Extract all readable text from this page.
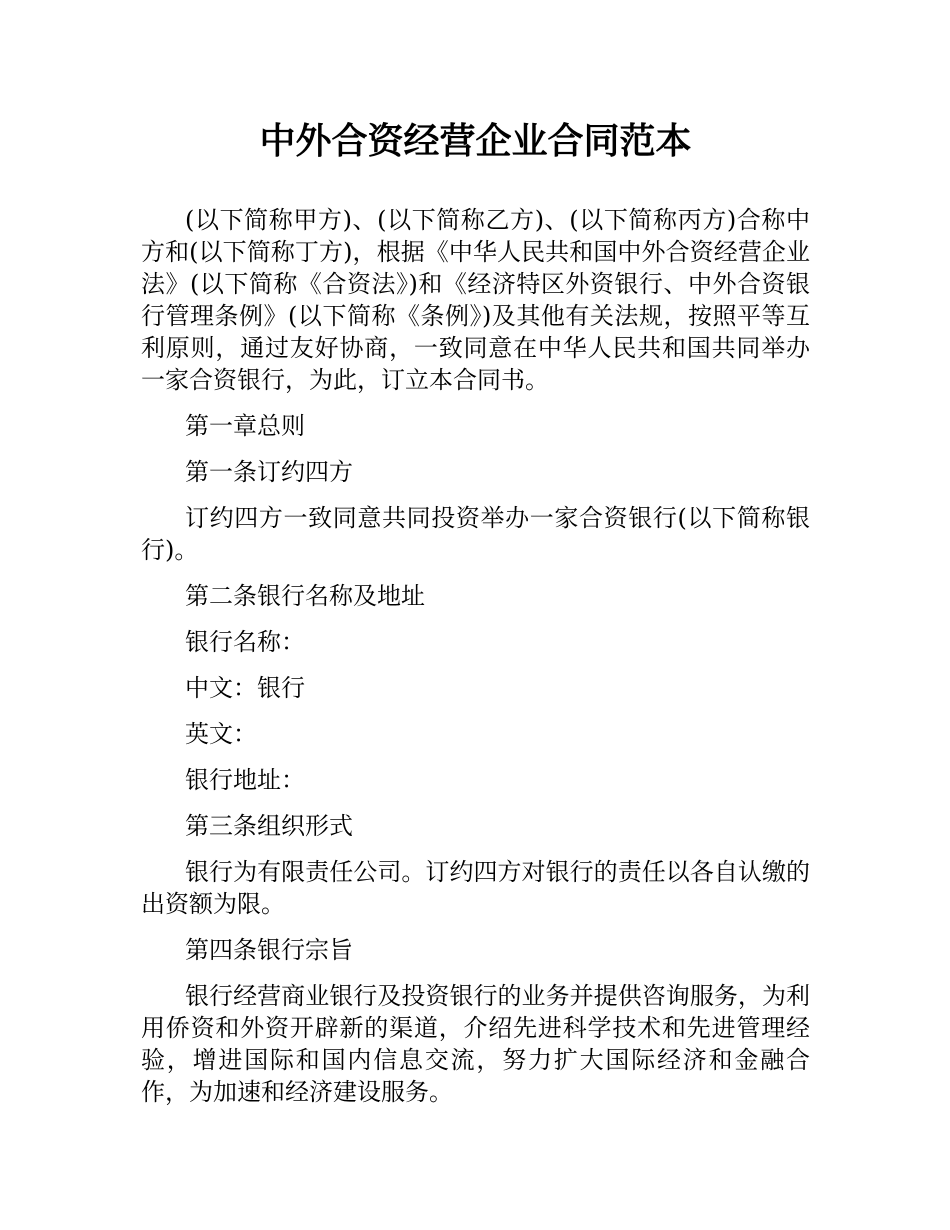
中外合资经营企业合同范本

(以下简称甲方)、(以下简称乙方)、(以下简称丙方)合称中方和(以下简称丁方)，根据《中华人民共和国中外合资经营企业法》(以下简称《合资法》)和《经济特区外资银行、中外合资银行管理条例》(以下简称《条例》)及其他有关法规，按照平等互利原则，通过友好协商，一致同意在中华人民共和国共同举办一家合资银行，为此，订立本合同书。

第一章总则

第一条订约四方

订约四方一致同意共同投资举办一家合资银行(以下简称银行)。

第二条银行名称及地址

银行名称：

中文：银行

英文：

银行地址：

第三条组织形式

银行为有限责任公司。订约四方对银行的责任以各自认缴的出资额为限。

第四条银行宗旨

银行经营商业银行及投资银行的业务并提供咨询服务，为利用侨资和外资开辟新的渠道，介绍先进科学技术和先进管理经验，增进国际和国内信息交流，努力扩大国际经济和金融合作，为加速和经济建设服务。
